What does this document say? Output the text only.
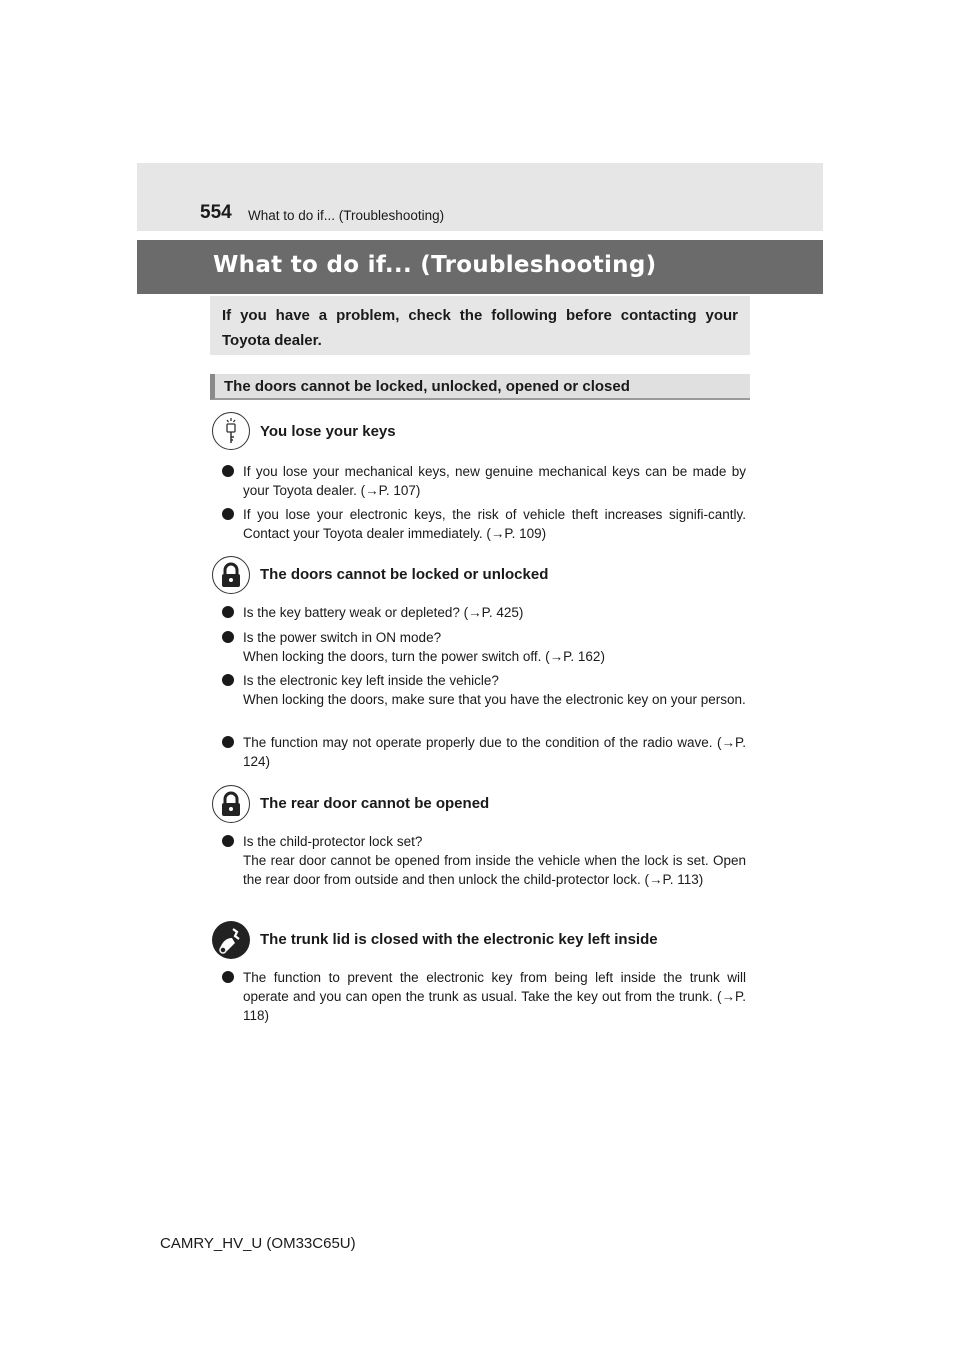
554 What to do if... (Troubleshooting)
What to do if... (Troubleshooting)
If you have a problem, check the following before contacting your Toyota dealer.
The doors cannot be locked, unlocked, opened or closed
You lose your keys
If you lose your mechanical keys, new genuine mechanical keys can be made by your Toyota dealer. (→P. 107)
If you lose your electronic keys, the risk of vehicle theft increases signifi-cantly. Contact your Toyota dealer immediately. (→P. 109)
The doors cannot be locked or unlocked
Is the key battery weak or depleted? (→P. 425)
Is the power switch in ON mode?
When locking the doors, turn the power switch off. (→P. 162)
Is the electronic key left inside the vehicle?
When locking the doors, make sure that you have the electronic key on your person.
The function may not operate properly due to the condition of the radio wave. (→P. 124)
The rear door cannot be opened
Is the child-protector lock set?
The rear door cannot be opened from inside the vehicle when the lock is set. Open the rear door from outside and then unlock the child-protector lock. (→P. 113)
The trunk lid is closed with the electronic key left inside
The function to prevent the electronic key from being left inside the trunk will operate and you can open the trunk as usual. Take the key out from the trunk. (→P. 118)
CAMRY_HV_U (OM33C65U)
